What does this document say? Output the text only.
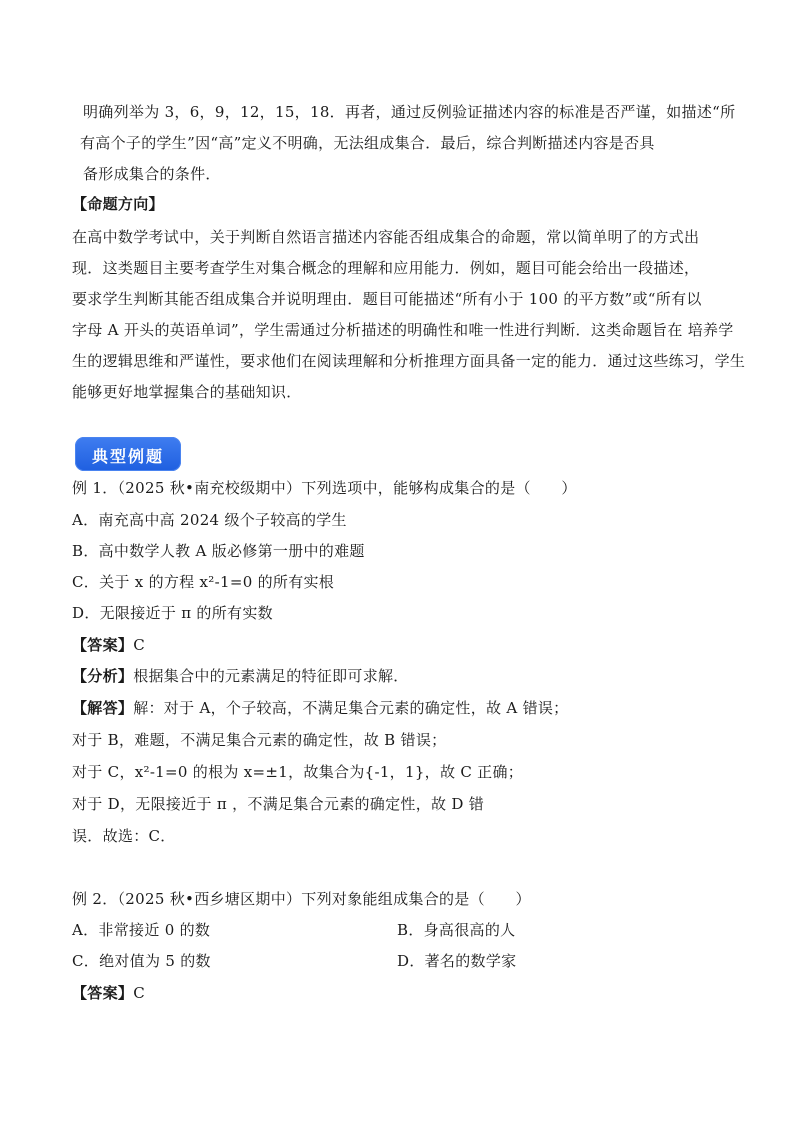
明确列举为 3，6，9，12，15，18．再者，通过反例验证描述内容的标准是否严谨，如描述“所
有高个子的学生”因“高”定义不明确，无法组成集合．最后，综合判断描述内容是否具
备形成集合的条件．
【命题方向】
在高中数学考试中，关于判断自然语言描述内容能否组成集合的命题，常以简单明了的方式出
现．这类题目主要考查学生对集合概念的理解和应用能力．例如，题目可能会给出一段描述，
要求学生判断其能否组成集合并说明理由．题目可能描述“所有小于 100 的平方数”或“所有以
字母 A 开头的英语单词”，学生需通过分析描述的明确性和唯一性进行判断．这类命题旨在 培养学
生的逻辑思维和严谨性，要求他们在阅读理解和分析推理方面具备一定的能力．通过这些练习，学生
能够更好地掌握集合的基础知识．
典型例题
例 1．（2025 秋•南充校级期中）下列选项中，能够构成集合的是（　　）
A．南充高中高 2024 级个子较高的学生
B．高中数学人教 A 版必修第一册中的难题
C．关于 x 的方程 x²-1=0 的所有实根
D．无限接近于 π 的所有实数
【答案】C
【分析】根据集合中的元素满足的特征即可求解．
【解答】解：对于 A，个子较高，不满足集合元素的确定性，故 A 错误；
对于 B，难题，不满足集合元素的确定性，故 B 错误；
对于 C，x²-1=0 的根为 x=±1，故集合为{-1，1}，故 C 正确；
对于 D，无限接近于 π ，不满足集合元素的确定性，故 D 错
误．故选：C．
例 2．（2025 秋•西乡塘区期中）下列对象能组成集合的是（　　）
A．非常接近 0 的数	B．身高很高的人
C．绝对值为 5 的数	D．著名的数学家
【答案】C
